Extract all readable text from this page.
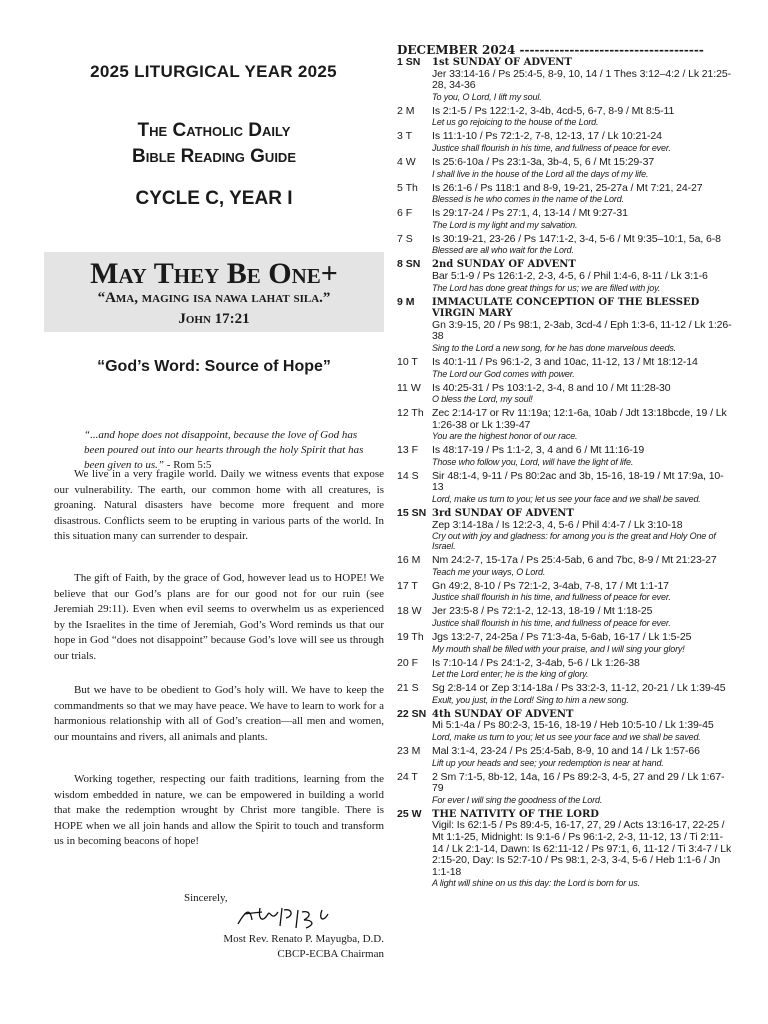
2025 LITURGICAL YEAR 2025
The Catholic Daily
Bible Reading Guide
CYCLE C, YEAR I
May They Be One+
“Ama, maging isa nawa lahat sila.”
John 17:21
“God’s Word: Source of Hope”
“...and hope does not disappoint, because the love of God has been poured out into our hearts through the holy Spirit that has been given to us.” - Rom 5:5

We live in a very fragile world. Daily we witness events that expose our vulnerability. The earth, our common home with all creatures, is groaning. Natural disasters have become more frequent and more disastrous. Conflicts seem to be erupting in various parts of the world. In this situation many can surrender to despair.

The gift of Faith, by the grace of God, however lead us to HOPE! We believe that our God’s plans are for our good not for our ruin (see Jeremiah 29:11). Even when evil seems to overwhelm us as experienced by the Israelites in the time of Jeremiah, God’s Word reminds us that our hope in God “does not disappoint” because God’s love will see us through our trials.

But we have to be obedient to God’s holy will. We have to keep the commandments so that we may have peace. We have to learn to work for a harmonious relationship with all of God’s creation—all men and women, our mountains and rivers, all animals and plants.

Working together, respecting our faith traditions, learning from the wisdom embedded in nature, we can be empowered in building a world that make the redemption wrought by Christ more tangible. There is HOPE when we all join hands and allow the Spirit to touch and transform us in becoming beacons of hope!

Sincerely,
Most Rev. Renato P. Mayugba, D.D.
CBCP-ECBA Chairman
DECEMBER 2024 -------------------------------------
1 SN	1st SUNDAY OF ADVENT
Jer 33:14-16 / Ps 25:4-5, 8-9, 10, 14 / 1 Thes 3:12–4:2 / Lk 21:25-28, 34-36
To you, O Lord, I lift my soul.
2 M	Is 2:1-5 / Ps 122:1-2, 3-4b, 4cd-5, 6-7, 8-9 / Mt 8:5-11
Let us go rejoicing to the house of the Lord.
3 T	Is 11:1-10 / Ps 72:1-2, 7-8, 12-13, 17 / Lk 10:21-24
Justice shall flourish in his time, and fullness of peace for ever.
4 W	Is 25:6-10a / Ps 23:1-3a, 3b-4, 5, 6 / Mt 15:29-37
I shall live in the house of the Lord all the days of my life.
5 Th	Is 26:1-6 / Ps 118:1 and 8-9, 19-21, 25-27a / Mt 7:21, 24-27
Blessed is he who comes in the name of the Lord.
6 F	Is 29:17-24 / Ps 27:1, 4, 13-14 / Mt 9:27-31
The Lord is my light and my salvation.
7 S	Is 30:19-21, 23-26 / Ps 147:1-2, 3-4, 5-6 / Mt 9:35–10:1, 5a, 6-8
Blessed are all who wait for the Lord.
8 SN	2nd SUNDAY OF ADVENT
Bar 5:1-9 / Ps 126:1-2, 2-3, 4-5, 6 / Phil 1:4-6, 8-11 / Lk 3:1-6
The Lord has done great things for us; we are filled with joy.
9 M	IMMACULATE CONCEPTION OF THE BLESSED VIRGIN MARY
Gn 3:9-15, 20 / Ps 98:1, 2-3ab, 3cd-4 / Eph 1:3-6, 11-12 / Lk 1:26-38
Sing to the Lord a new song, for he has done marvelous deeds.
10 T	Is 40:1-11 / Ps 96:1-2, 3 and 10ac, 11-12, 13 / Mt 18:12-14
The Lord our God comes with power.
11 W	Is 40:25-31 / Ps 103:1-2, 3-4, 8 and 10 / Mt 11:28-30
O bless the Lord, my soul!
12 Th Zec 2:14-17 or Rv 11:19a; 12:1-6a, 10ab / Jdt 13:18bcde, 19 / Lk 1:26-38 or Lk 1:39-47
You are the highest honor of our race.
13 F	Is 48:17-19 / Ps 1:1-2, 3, 4 and 6 / Mt 11:16-19
Those who follow you, Lord, will have the light of life.
14 S	Sir 48:1-4, 9-11 / Ps 80:2ac and 3b, 15-16, 18-19 / Mt 17:9a, 10-13
Lord, make us turn to you; let us see your face and we shall be saved.
15 SN 3rd SUNDAY OF ADVENT
Zep 3:14-18a / Is 12:2-3, 4, 5-6 / Phil 4:4-7 / Lk 3:10-18
Cry out with joy and gladness: for among you is the great and Holy One of Israel.
16 M	Nm 24:2-7, 15-17a / Ps 25:4-5ab, 6 and 7bc, 8-9 / Mt 21:23-27
Teach me your ways, O Lord.
17 T	Gn 49:2, 8-10 / Ps 72:1-2, 3-4ab, 7-8, 17 / Mt 1:1-17
Justice shall flourish in his time, and fullness of peace for ever.
18 W Jer 23:5-8 / Ps 72:1-2, 12-13, 18-19 / Mt 1:18-25
Justice shall flourish in his time, and fullness of peace for ever.
19 Th Jgs 13:2-7, 24-25a / Ps 71:3-4a, 5-6ab, 16-17 / Lk 1:5-25
My mouth shall be filled with your praise, and I will sing your glory!
20 F	Is 7:10-14 / Ps 24:1-2, 3-4ab, 5-6 / Lk 1:26-38
Let the Lord enter; he is the king of glory.
21 S	Sg 2:8-14 or Zep 3:14-18a / Ps 33:2-3, 11-12, 20-21 / Lk 1:39-45
Exult, you just, in the Lord! Sing to him a new song.
22 SN 4th SUNDAY OF ADVENT
Mi 5:1-4a / Ps 80:2-3, 15-16, 18-19 / Heb 10:5-10 / Lk 1:39-45
Lord, make us turn to you; let us see your face and we shall be saved.
23 M	Mal 3:1-4, 23-24 / Ps 25:4-5ab, 8-9, 10 and 14 / Lk 1:57-66
Lift up your heads and see; your redemption is near at hand.
24 T	2 Sm 7:1-5, 8b-12, 14a, 16 / Ps 89:2-3, 4-5, 27 and 29 / Lk 1:67-79
For ever I will sing the goodness of the Lord.
25 W	THE NATIVITY OF THE LORD
Vigil: Is 62:1-5 / Ps 89:4-5, 16-17, 27, 29 / Acts 13:16-17, 22-25 / Mt 1:1-25, Midnight: Is 9:1-6 / Ps 96:1-2, 2-3, 11-12, 13 / Ti 2:11-14 / Lk 2:1-14, Dawn: Is 62:11-12 / Ps 97:1, 6, 11-12 / Ti 3:4-7 / Lk 2:15-20, Day: Is 52:7-10 / Ps 98:1, 2-3, 3-4, 5-6 / Heb 1:1-6 / Jn 1:1-18
A light will shine on us this day: the Lord is born for us.
